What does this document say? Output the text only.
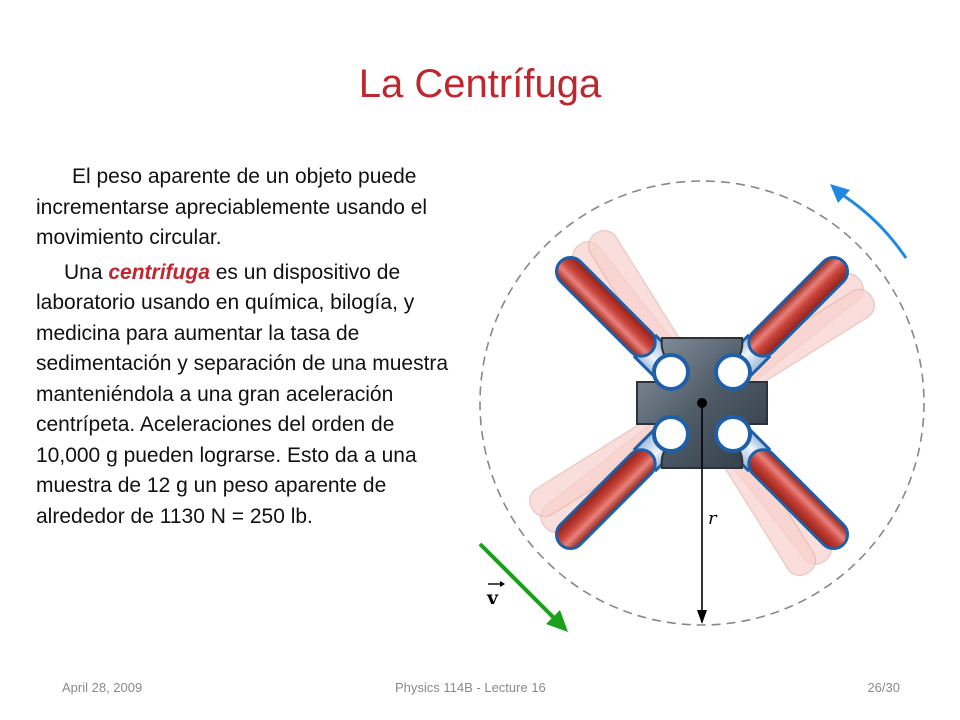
La Centrífuga

El peso aparente de un objeto puede incrementarse apreciablemente usando el movimiento circular.

Una centrifuga es un dispositivo de laboratorio usando en química, bilogía, y medicina para aumentar la tasa de sedimentación y separación de una muestra manteniéndola a una gran aceleración centrípeta. Aceleraciones del orden de 10,000 g pueden lograrse. Esto da a una muestra de 12 g un peso aparente de alrededor de 1130 N = 250 lb.	r
v
April 28, 2009	Physics 114B - Lecture 16	26/30
